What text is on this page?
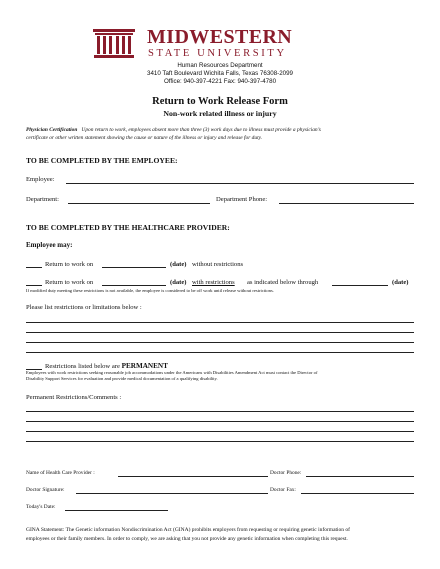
MIDWESTERN
STATE UNIVERSITY
Human Resources Department
3410 Taft Boulevard Wichita Falls, Texas 76308-2099
Office: 940-397-4221 Fax: 940-397-4780
Return to Work Release Form
Non-work related illness or injury
Physician Certification Upon return to work, employees absent more than three (3) work days due to illness must provide a physician’s
certificate or other written statement showing the cause or nature of the illness or injury and release for duty.
TO BE COMPLETED BY THE EMPLOYEE:
Employee:
Department:	Department Phone:
TO BE COMPLETED BY THE HEALTHCARE PROVIDER:
Employee may:
Return to work on	(date) without restrictions
Return to work on	(date) with restrictions as indicated below through	(date)
If modified duty meeting these restrictions is not available, the employee is considered to be off work until release without restrictions.
Please list restrictions or limitations below :
Restrictions listed below are PERMANENT
Employees with work restrictions seeking reasonable job accommodations under the Americans with Disabilities Amendment Act must contact the Director of
Disability Support Services for evaluation and provide medical documentation of a qualifying disability.
Permanent Restrictions/Comments :
Name of Health Care Provider :	Doctor Phone:
Doctor Signature:	Doctor Fax:
Today's Date:
GINA Statement: The Genetic information Nondiscrimination Act (GINA) prohibits employers from requesting or requiring genetic information of
employees or their family members. In order to comply, we are asking that you not provide any genetic information when completing this request.
